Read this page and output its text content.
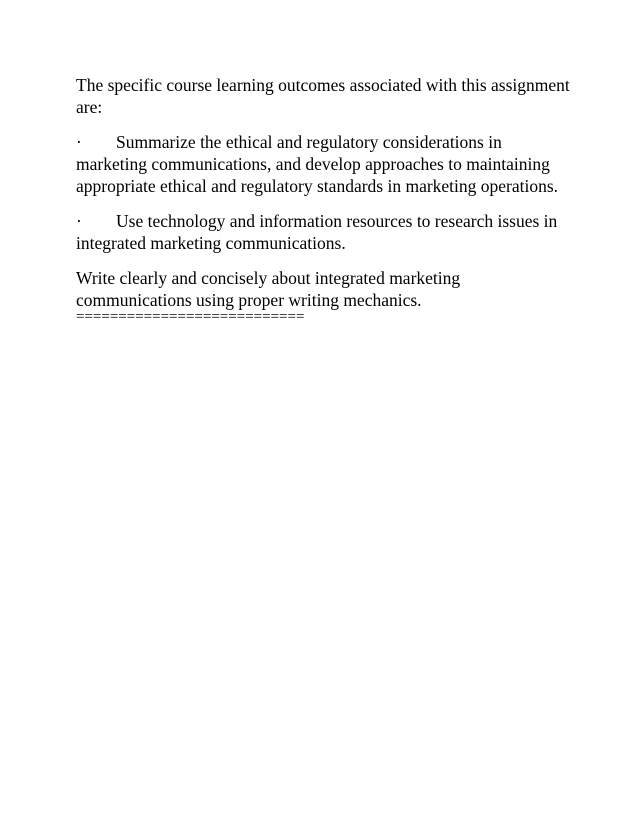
The specific course learning outcomes associated with this assignment are:

· Summarize the ethical and regulatory considerations in marketing communications, and develop approaches to maintaining appropriate ethical and regulatory standards in marketing operations.

· Use technology and information resources to research issues in integrated marketing communications.

Write clearly and concisely about integrated marketing communications using proper writing mechanics.

===========================
